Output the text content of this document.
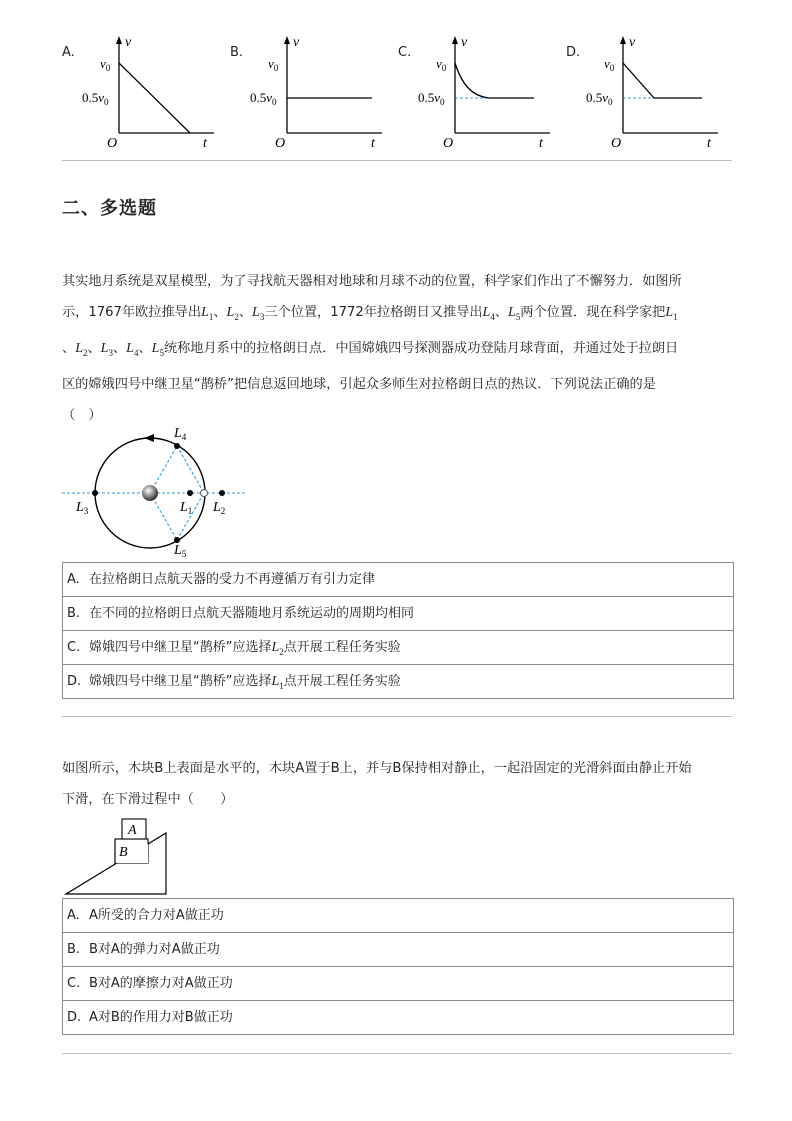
A.
v
t
O
$v_0$
$0.5v_0$
B.
v
t
O
$v_0$
$0.5v_0$
C.
v
t
O
$v_0$
$0.5v_0$
D.
v
t
O
$v_0$
$0.5v_0$
二、多选题
其实地月系统是双星模型，为了寻找航天器相对地球和月球不动的位置，科学家们作出了不懈努力．如图所
示，1767年欧拉推导出$L_1$、$L_2$、$L_3$三个位置，1772年拉格朗日又推导出$L_4$、$L_5$两个位置．现在科学家把$L_1$
、$L_2$、$L_3$、$L_4$、$L_5$统称地月系中的拉格朗日点．中国嫦娥四号探测器成功登陆月球背面，并通过处于拉朗日
区的嫦娥四号中继卫星“鹊桥”把信息返回地球，引起众多师生对拉格朗日点的热议．下列说法正确的是
（　）
$L_4$
$L_5$
$L_3$	$L_1$ $L_2$
A. 在拉格朗日点航天器的受力不再遵循万有引力定律
B. 在不同的拉格朗日点航天器随地月系统运动的周期均相同
C. 嫦娥四号中继卫星“鹊桥”应选择$L_2$点开展工程任务实验
D. 嫦娥四号中继卫星“鹊桥”应选择$L_1$点开展工程任务实验
如图所示，木块B上表面是水平的，木块A置于B上，并与B保持相对静止，一起沿固定的光滑斜面由静止开始
下滑，在下滑过程中（　　）
A
B
A. A所受的合力对A做正功
B. B对A的弹力对A做正功
C. B对A的摩擦力对A做正功
D. A对B的作用力对B做正功
